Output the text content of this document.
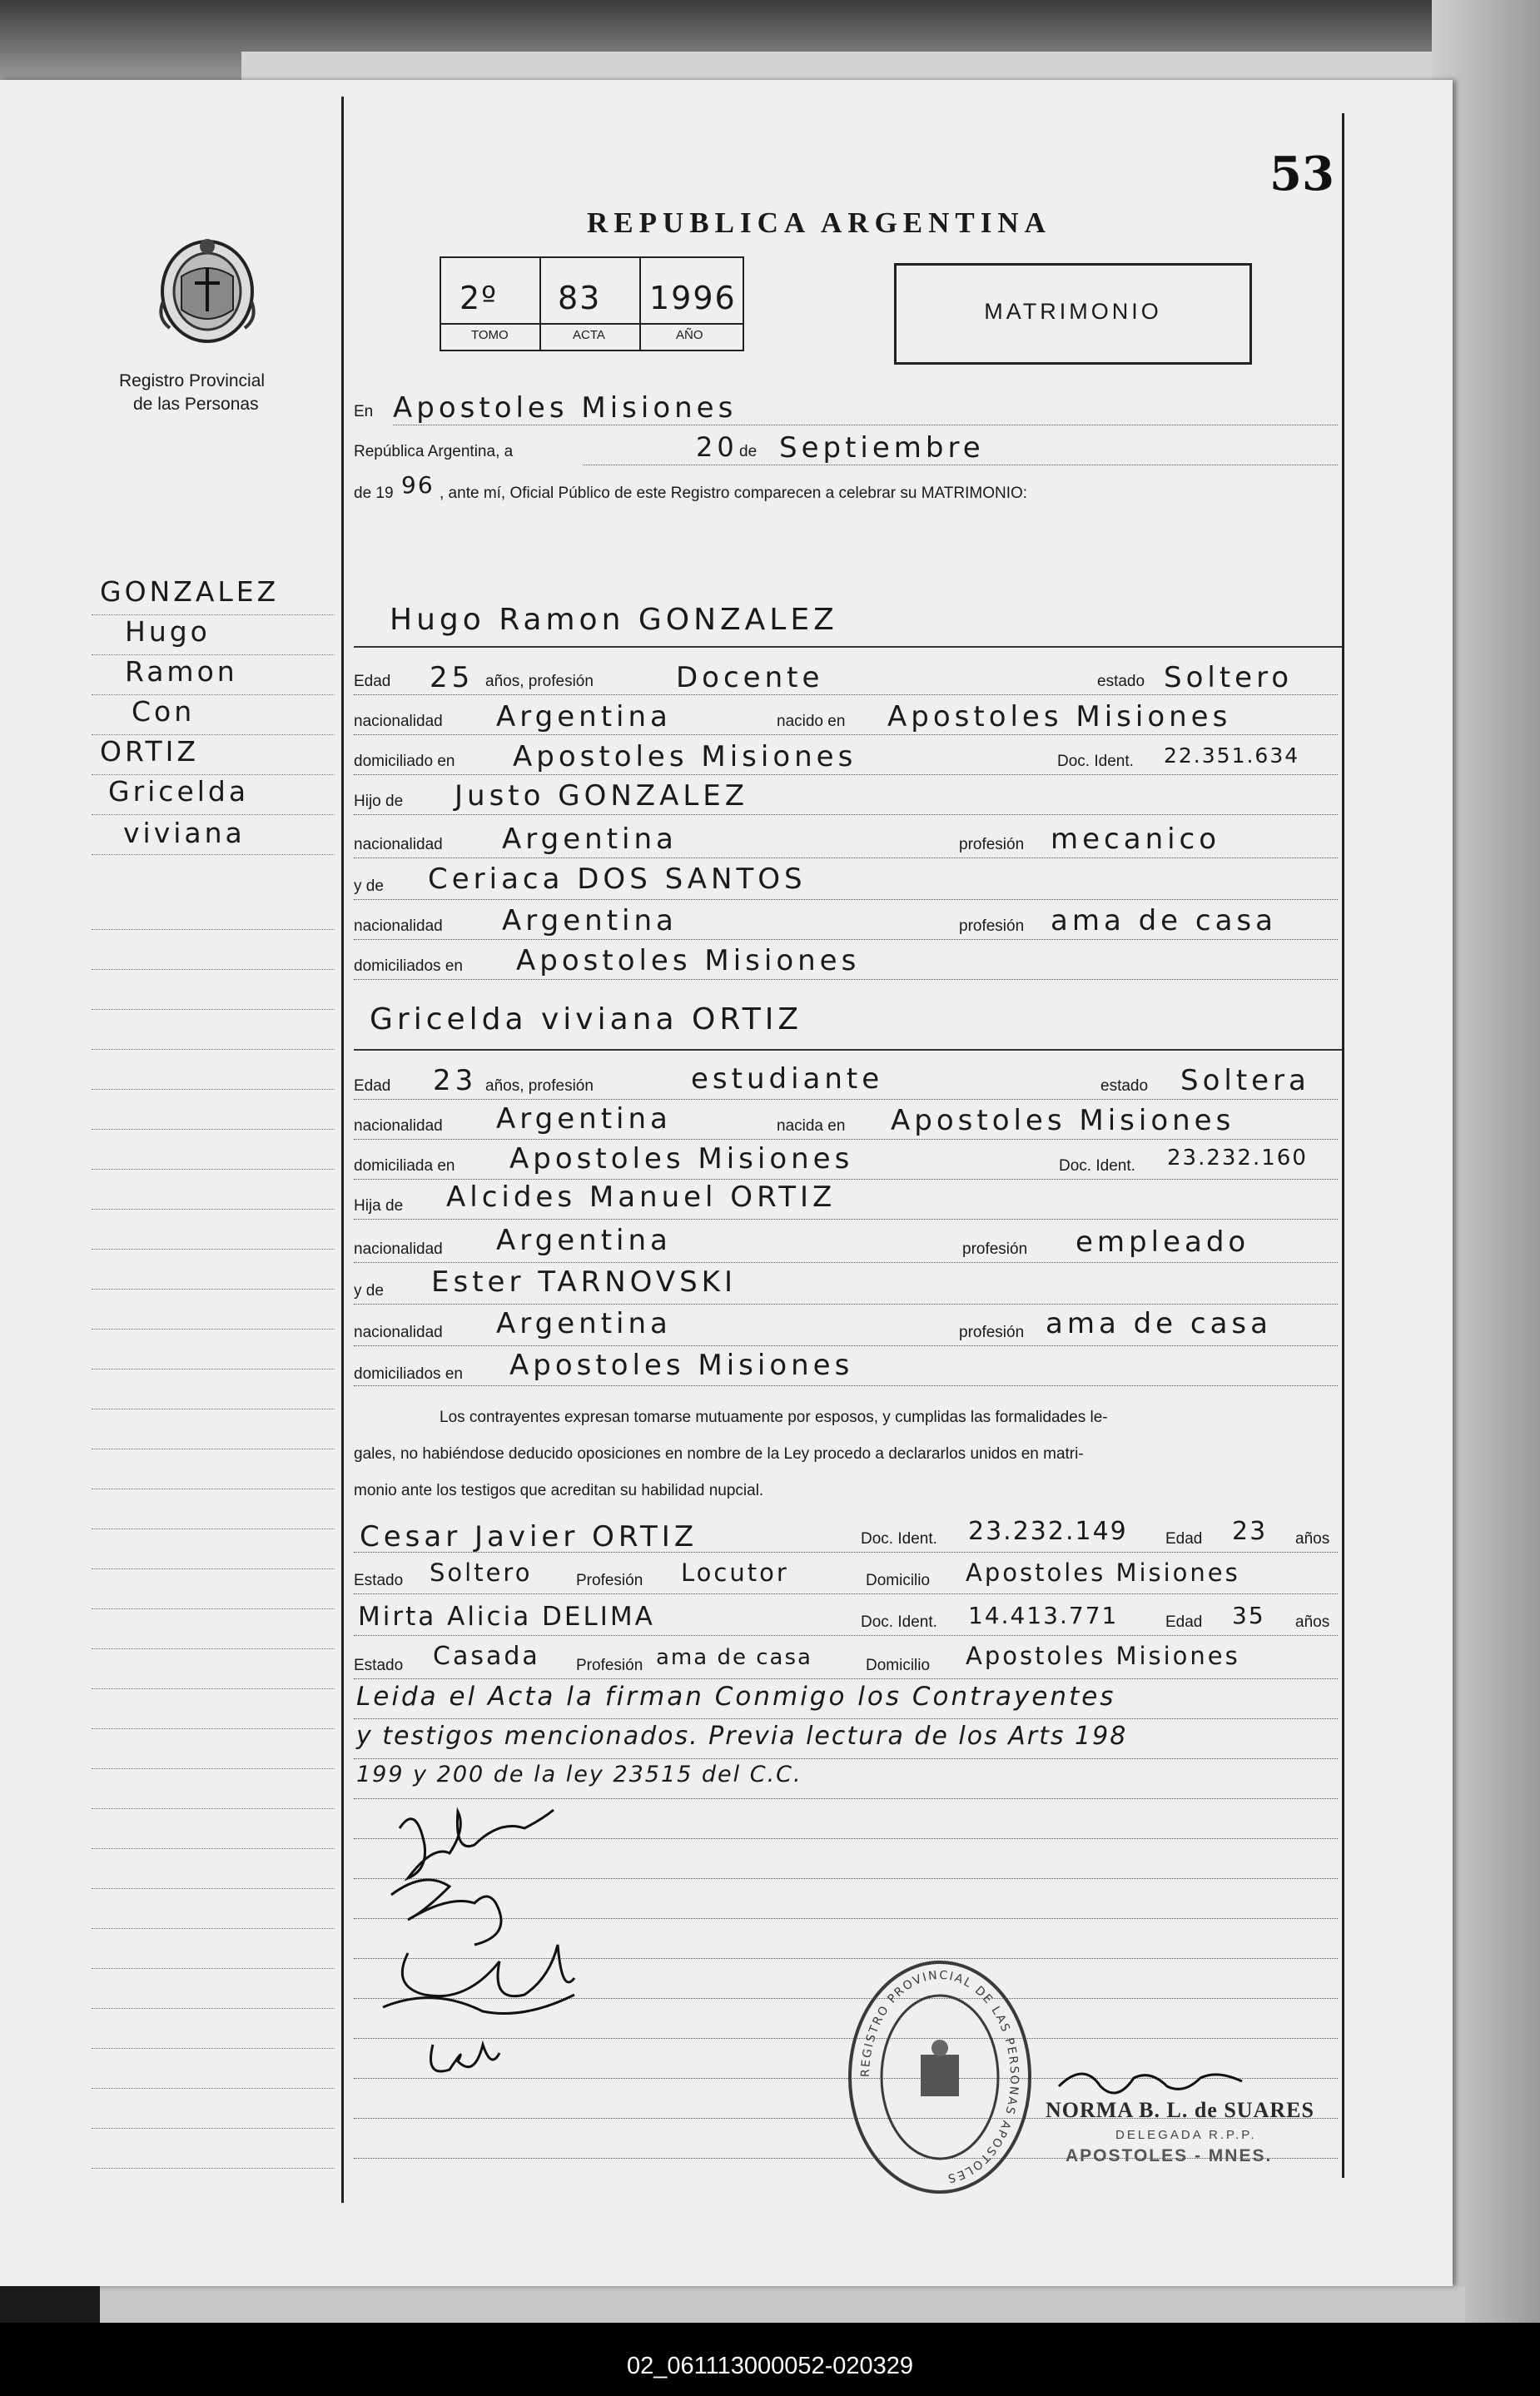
53
REPUBLICA ARGENTINA
2º 83 1996
TOMO	ACTA	AÑO
MATRIMONIO
Registro Provincial
de las Personas
GONZALEZ
Hugo
Ramon
Con
ORTIZ
Gricelda
viviana
En Apostoles Misiones
República Argentina, a	20 de Septiembre
de 19 96 , ante mí, Oficial Público de este Registro comparecen a celebrar su MATRIMONIO:
Hugo Ramon GONZALEZ
Edad 25 años, profesión	Docente	estado Soltero
nacionalidad Argentina	nacido en Apostoles Misiones
domiciliado en Apostoles Misiones	Doc. Ident. 22.351.634
Hijo de Justo GONZALEZ
nacionalidad Argentina	profesión mecanico
y de Ceriaca DOS SANTOS
nacionalidad Argentina	profesión ama de casa
domiciliados en Apostoles Misiones
Gricelda viviana ORTIZ
Edad 23 años, profesión	estudiante	estado Soltera
nacionalidad Argentina	nacida en Apostoles Misiones
domiciliada en Apostoles Misiones	Doc. Ident. 23.232.160
Hija de Alcides Manuel ORTIZ
nacionalidad Argentina	profesión empleado
y de Ester TARNOVSKI
nacionalidad Argentina	profesión ama de casa
domiciliados en Apostoles Misiones
Los contrayentes expresan tomarse mutuamente por esposos, y cumplidas las formalidades le-
gales, no habiéndose deducido oposiciones en nombre de la Ley procedo a declararlos unidos en matri-
monio ante los testigos que acreditan su habilidad nupcial.
Cesar Javier ORTIZ	Doc. Ident. 23.232.149 Edad 23 años
Estado Soltero	Profesión Locutor	Domicilio Apostoles Misiones
Mirta Alicia DELIMA	Doc. Ident. 14.413.771	Edad 35 años
Estado Casada Profesión ama de casa	Domicilio Apostoles Misiones
Leida el Acta la firman Conmigo los Contrayentes
y testigos mencionados. Previa lectura de los Arts 198
199 y 200 de la ley 23515 del C.C.
REGISTRO PROVINCIAL DE LAS PERSONAS APOSTOLES
NORMA B. L. de SUARES
DELEGADA R.P.P.
APOSTOLES - MNES.
02_061113000052-020329
